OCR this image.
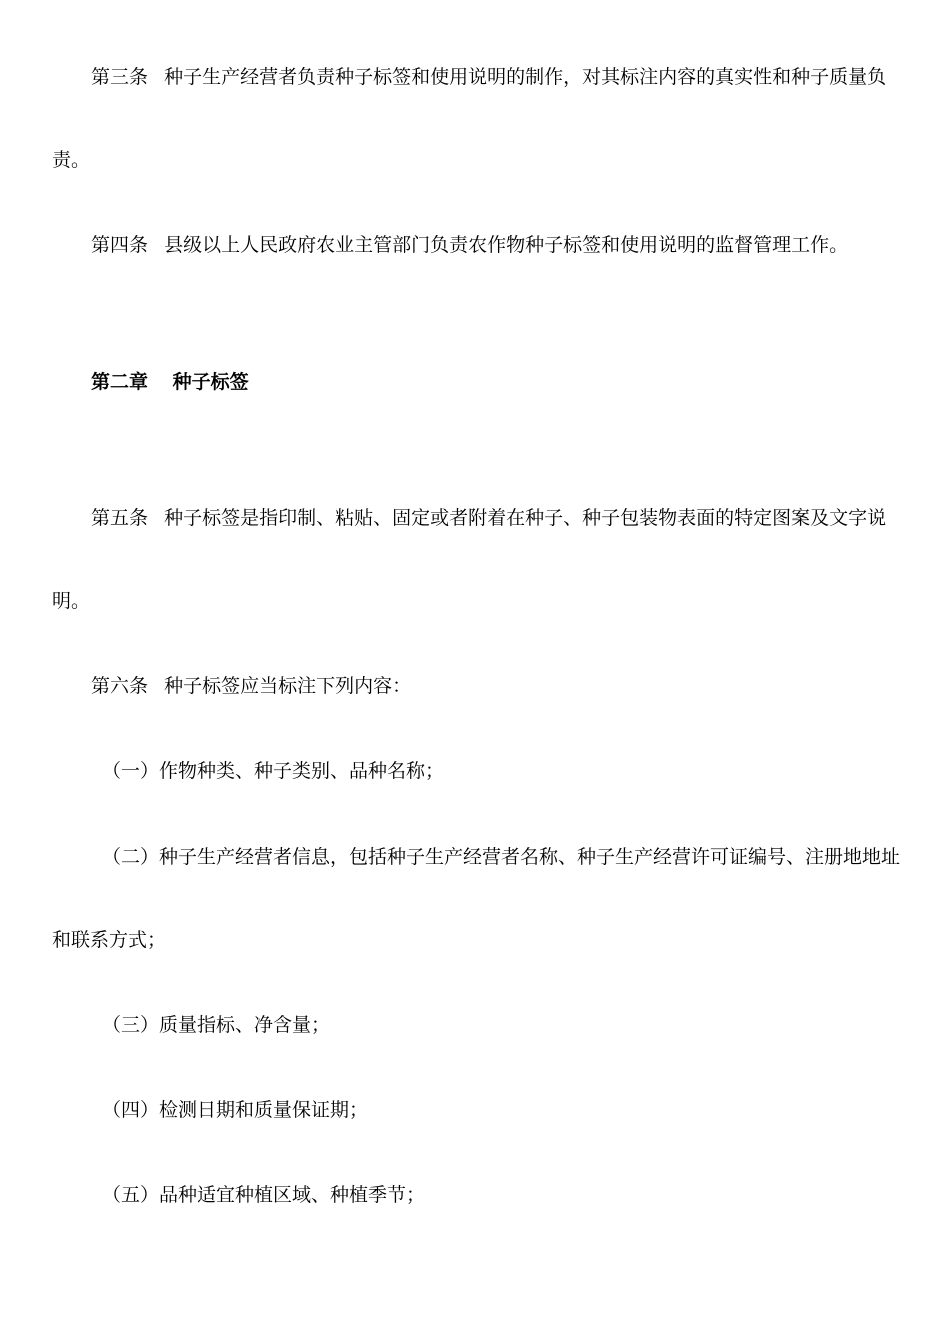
第三条 种子生产经营者负责种子标签和使用说明的制作，对其标注内容的真实性和种子质量负
责。
第四条 县级以上人民政府农业主管部门负责农作物种子标签和使用说明的监督管理工作。
第二章 种子标签
第五条 种子标签是指印制、粘贴、固定或者附着在种子、种子包装物表面的特定图案及文字说
明。
第六条 种子标签应当标注下列内容：
（一）作物种类、种子类别、品种名称；
（二）种子生产经营者信息，包括种子生产经营者名称、种子生产经营许可证编号、注册地地址
和联系方式；
（三）质量指标、净含量；
（四）检测日期和质量保证期；
（五）品种适宜种植区域、种植季节；
